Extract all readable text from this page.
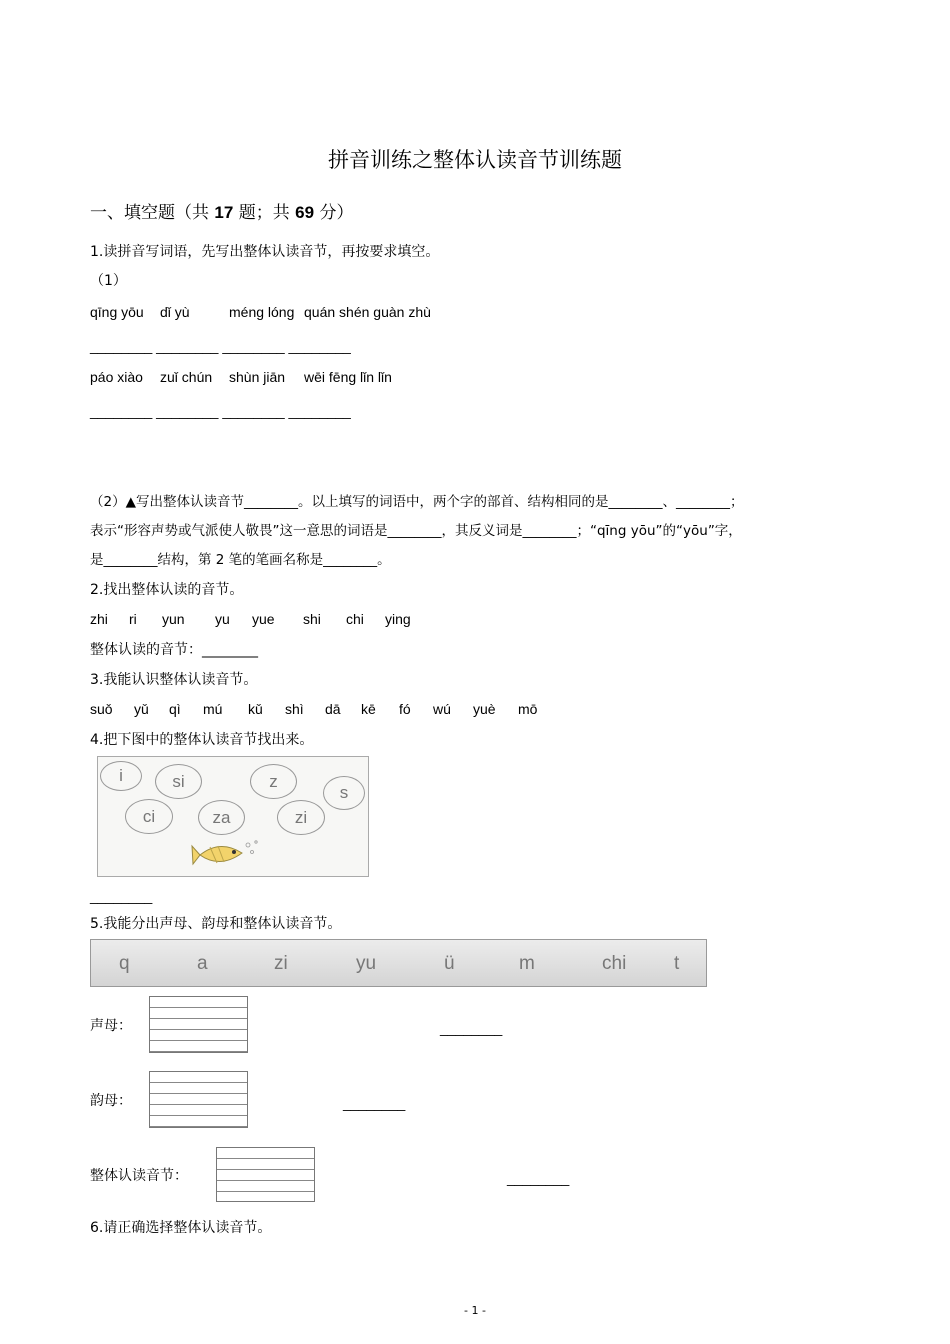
拼音训练之整体认读音节训练题
一、填空题（共 17 题；共 69 分）
1.读拼音写词语，先写出整体认读音节，再按要求填空。
（1）
qīng yōu dǐ yù	méng lóng quán shén guàn zhù
________ ________ ________ ________
páo xiào zuǐ chún shùn jiān wēi fēng lǐn lǐn
________ ________ ________ ________
（2）▲写出整体认读音节________。以上填写的词语中，两个字的部首、结构相同的是________、________；
表示“形容声势或气派使人敬畏”这一意思的词语是________，其反义词是________；“qīng yōu”的“yōu”字，
是________结构，第 2 笔的笔画名称是________。
2.找出整体认读的音节。
zhi ri yun yu yue shi chi ying
整体认读的音节：________
3.我能认识整体认读音节。
suǒ yǔ qì mú kǔ shì dā kē fó wú yuè mō
4.把下图中的整体认读音节找出来。
i	si	z
s
ci	za	zi
________
5.我能分出声母、韵母和整体认读音节。
q	a	zi	yu	ü	m	chi	t
声母：	________
韵母：	________
整体认读音节：	________
6.请正确选择整体认读音节。
- 1 -
